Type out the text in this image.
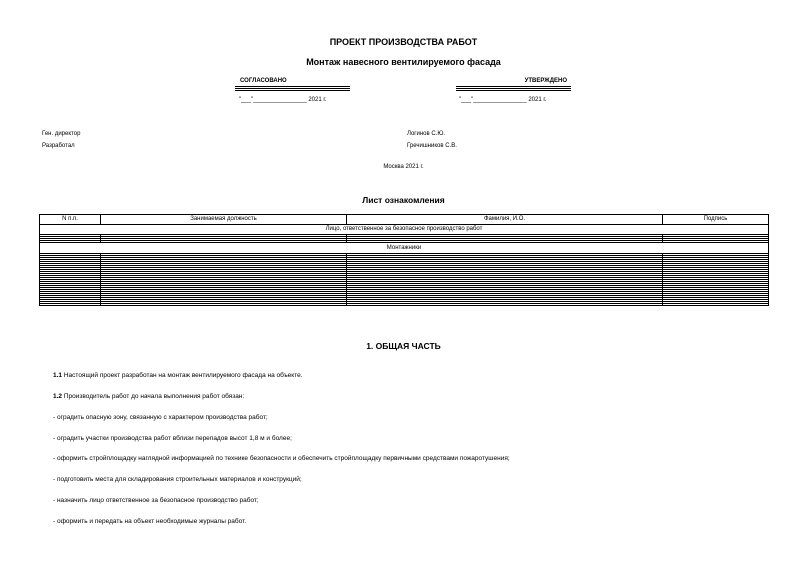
ПРОЕКТ ПРОИЗВОДСТВА РАБОТ
Монтаж навесного вентилируемого фасада
СОГЛАСОВАНО
"___"________________ 2021 г.
УТВЕРЖДЕНО
"___"________________ 2021 г.
Ген. директор	Логинов С.Ю.
Разработал	Гречишников С.В.
Москва 2021 г.
Лист ознакомления
N п.п.	Занимаемая должность	Фамилия, И.О.	Подпись
Лицо, ответственное за безопасное производство работ			

Монтажники			

1. ОБЩАЯ ЧАСТЬ
1.1 Настоящий проект разработан на монтаж вентилируемого фасада на объекте.
1.2 Производитель работ до начала выполнения работ обязан:
- оградить опасную зону, связанную с характером производства работ;
- оградить участки производства работ вблизи перепадов высот 1,8 м и более;
- оформить стройплощадку наглядной информацией по технике безопасности и обеспечить стройплощадку первичными средствами пожаротушения;
- подготовить места для складирования строительных материалов и конструкций;
- назначить лицо ответственное за безопасное производство работ;
- оформить и передать на объект необходимые журналы работ.
